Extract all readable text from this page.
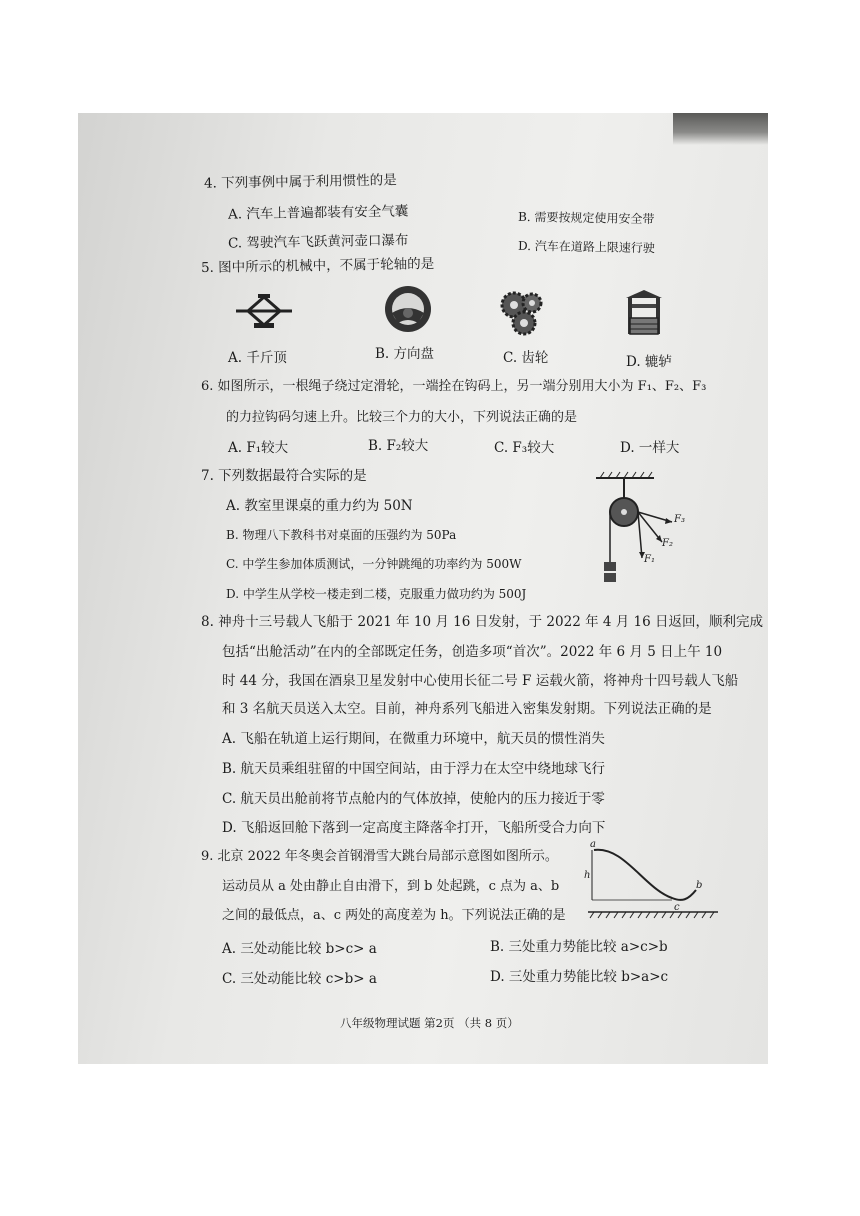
4. 下列事例中属于利用惯性的是
A. 汽车上普遍都装有安全气囊	B. 需要按规定使用安全带
C. 驾驶汽车飞跃黄河壶口瀑布	D. 汽车在道路上限速行驶
5. 图中所示的机械中，不属于轮轴的是
A. 千斤顶	B. 方向盘	C. 齿轮	D. 辘轳
6. 如图所示，一根绳子绕过定滑轮，一端拴在钩码上，另一端分别用大小为 F₁、F₂、F₃
的力拉钩码匀速上升。比较三个力的大小，下列说法正确的是
A. F₁较大	B. F₂较大	C. F₃较大	D. 一样大
7. 下列数据最符合实际的是
A. 教室里课桌的重力约为 50N
B. 物理八下教科书对桌面的压强约为 50Pa
C. 中学生参加体质测试，一分钟跳绳的功率约为 500W
D. 中学生从学校一楼走到二楼，克服重力做功约为 500J
F₃
F₂
F₁
8. 神舟十三号载人飞船于 2021 年 10 月 16 日发射，于 2022 年 4 月 16 日返回，顺利完成
包括“出舱活动”在内的全部既定任务，创造多项“首次”。2022 年 6 月 5 日上午 10
时 44 分，我国在酒泉卫星发射中心使用长征二号 F 运载火箭，将神舟十四号载人飞船
和 3 名航天员送入太空。目前，神舟系列飞船进入密集发射期。下列说法正确的是
A. 飞船在轨道上运行期间，在微重力环境中，航天员的惯性消失
B. 航天员乘组驻留的中国空间站，由于浮力在太空中绕地球飞行
C. 航天员出舱前将节点舱内的气体放掉，使舱内的压力接近于零
D. 飞船返回舱下落到一定高度主降落伞打开，飞船所受合力向下
9. 北京 2022 年冬奥会首钢滑雪大跳台局部示意图如图所示。
运动员从 a 处由静止自由滑下，到 b 处起跳，c 点为 a、b
之间的最低点，a、c 两处的高度差为 h。下列说法正确的是
A. 三处动能比较 b>c> a	B. 三处重力势能比较 a>c>b
C. 三处动能比较 c>b> a	D. 三处重力势能比较 b>a>c
a
h
b
c
八年级物理试题 第2页 （共 8 页）
